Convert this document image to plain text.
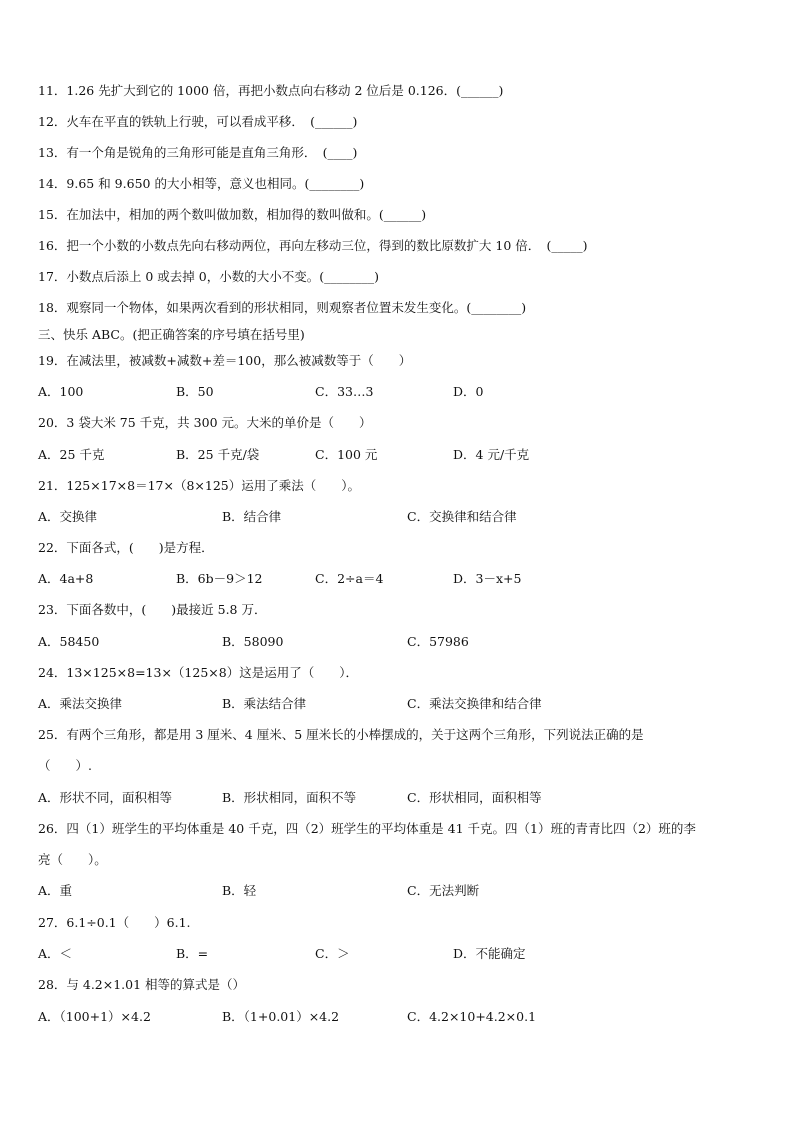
11．1.26 先扩大到它的 1000 倍，再把小数点向右移动 2 位后是 0.126．(______)
12．火车在平直的铁轨上行驶，可以看成平移．　(______)
13．有一个角是锐角的三角形可能是直角三角形．　(____)
14．9.65 和 9.650 的大小相等，意义也相同。(________)
15．在加法中，相加的两个数叫做加数，相加得的数叫做和。(______)
16．把一个小数的小数点先向右移动两位，再向左移动三位，得到的数比原数扩大 10 倍．　(_____)
17．小数点后添上 0 或去掉 0，小数的大小不变。(________)
18．观察同一个物体，如果两次看到的形状相同，则观察者位置未发生变化。(________)
三、快乐 ABC。(把正确答案的序号填在括号里)
19．在减法里，被减数+减数+差＝100，那么被减数等于（　　）
A．100	B．50	C．33…3	D．0
20．3 袋大米 75 千克，共 300 元。大米的单价是（　　）
A．25 千克	B．25 千克/袋	C．100 元	D．4 元/千克
21．125×17×8＝17×（8×125）运用了乘法（　　）。
A．交换律	B．结合律	C．交换律和结合律
22．下面各式，(　　)是方程．
A．4a+8	B．6b－9＞12	C．2÷a＝4	D．3－x+5
23．下面各数中，(　　)最接近 5.8 万．
A．58450	B．58090	C．57986
24．13×125×8=13×（125×8）这是运用了（　　）．
A．乘法交换律	B．乘法结合律	C．乘法交换律和结合律
25．有两个三角形，都是用 3 厘米、4 厘米、5 厘米长的小棒摆成的，关于这两个三角形，下列说法正确的是
（　　）.
A．形状不同，面积相等	B．形状相同，面积不等	C．形状相同，面积相等
26．四（1）班学生的平均体重是 40 千克，四（2）班学生的平均体重是 41 千克。四（1）班的青青比四（2）班的李
亮（　　）。
A．重	B．轻	C．无法判断
27．6.1÷0.1（　　）6.1.
A．＜	B．=	C．＞	D．不能确定
28．与 4.2×1.01 相等的算式是（）
A．（100+1）×4.2	B．（1+0.01）×4.2	C．4.2×10+4.2×0.1
